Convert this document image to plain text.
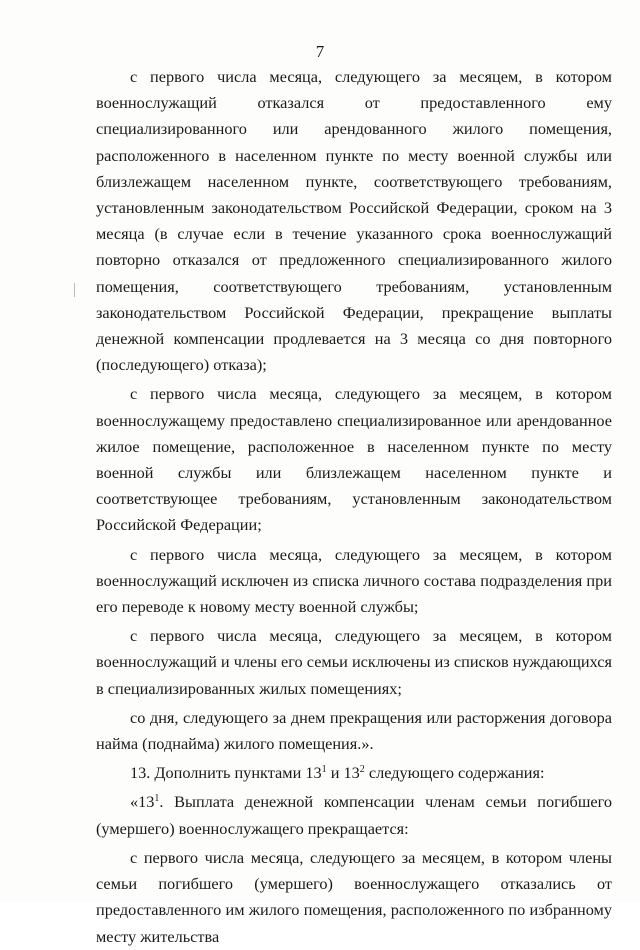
7

с первого числа месяца, следующего за месяцем, в котором военнослужащий отказался от предоставленного ему специализированного или арендованного жилого помещения, расположенного в населенном пункте по месту военной службы или близлежащем населенном пункте, соответствующего требованиям, установленным законодательством Российской Федерации, сроком на 3 месяца (в случае если в течение указанного срока военнослужащий повторно отказался от предложенного специализированного жилого помещения, соответствующего требованиям, установленным законодательством Российской Федерации, прекращение выплаты денежной компенсации продлевается на 3 месяца со дня повторного (последующего) отказа);

с первого числа месяца, следующего за месяцем, в котором военнослужащему предоставлено специализированное или арендованное жилое помещение, расположенное в населенном пункте по месту военной службы или близлежащем населенном пункте и соответствующее требованиям, установленным законодательством Российской Федерации;

с первого числа месяца, следующего за месяцем, в котором военнослужащий исключен из списка личного состава подразделения при его переводе к новому месту военной службы;

с первого числа месяца, следующего за месяцем, в котором военнослужащий и члены его семьи исключены из списков нуждающихся в специализированных жилых помещениях;

со дня, следующего за днем прекращения или расторжения договора найма (поднайма) жилого помещения.».

13. Дополнить пунктами $13^1$ и $13^2$ следующего содержания:

«$13^1$. Выплата денежной компенсации членам семьи погибшего (умершего) военнослужащего прекращается:

с первого числа месяца, следующего за месяцем, в котором члены семьи погибшего (умершего) военнослужащего отказались от предоставленного им жилого помещения, расположенного по избранному месту жительства
